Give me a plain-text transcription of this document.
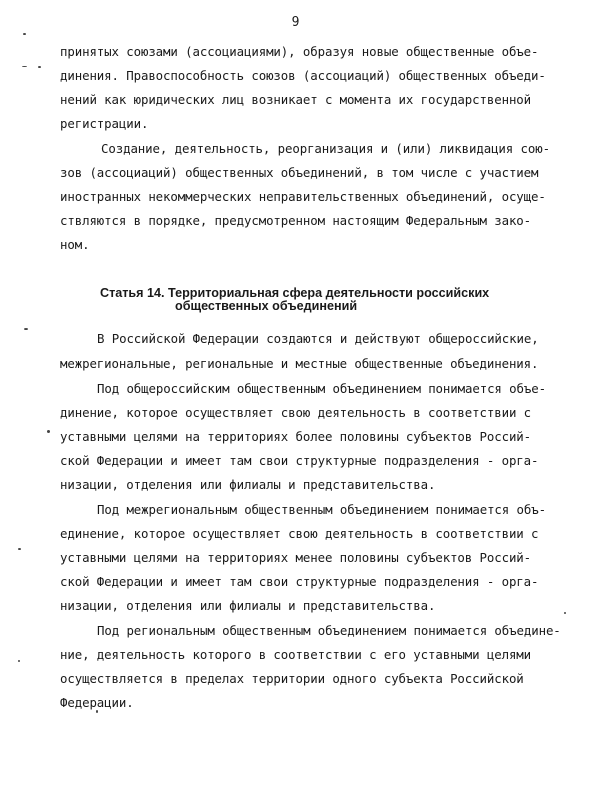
9
принятых союзами (ассоциациями), образуя новые общественные объе-
динения. Правоспособность союзов (ассоциаций) общественных объеди-
нений как юридических лиц возникает с момента их государственной
регистрации.
Создание, деятельность, реорганизация и (или) ликвидация сою-
зов (ассоциаций) общественных объединений, в том числе с участием
иностранных некоммерческих неправительственных объединений, осуще-
ствляются в порядке, предусмотренном настоящим Федеральным зако-
ном.
Статья 14. Территориальная сфера деятельности российских
общественных объединений
В Российской Федерации создаются и действуют общероссийские,
межрегиональные, региональные и местные общественные объединения.
Под общероссийским общественным объединением понимается объе-
динение, которое осуществляет свою деятельность в соответствии с
уставными целями на территориях более половины субъектов Россий-
ской Федерации и имеет там свои структурные подразделения - орга-
низации, отделения или филиалы и представительства.
Под межрегиональным общественным объединением понимается объ-
единение, которое осуществляет свою деятельность в соответствии с
уставными целями на территориях менее половины субъектов Россий-
ской Федерации и имеет там свои структурные подразделения - орга-
низации, отделения или филиалы и представительства.
Под региональным общественным объединением понимается объедине-
ние, деятельность которого в соответствии с его уставными целями
осуществляется в пределах территории одного субъекта Российской
Федерации.
